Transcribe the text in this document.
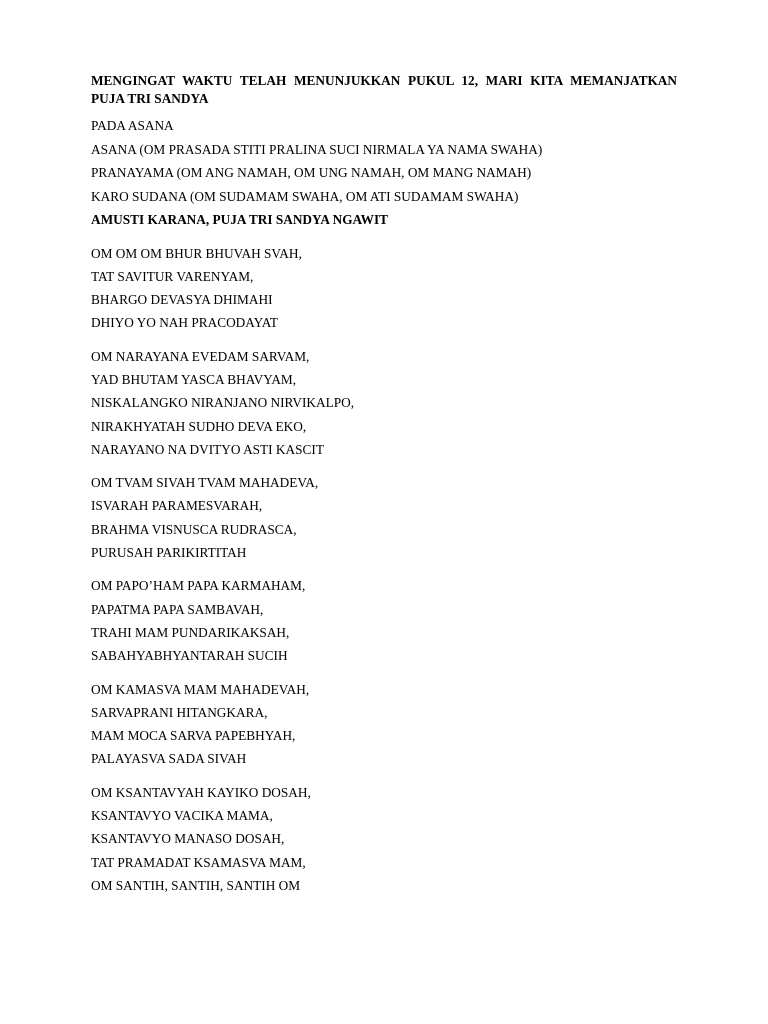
MENGINGAT WAKTU TELAH MENUNJUKKAN PUKUL 12, MARI KITA MEMANJATKAN PUJA TRI SANDYA

PADA ASANA

ASANA (OM PRASADA STITI PRALINA SUCI NIRMALA YA NAMA SWAHA)

PRANAYAMA (OM ANG NAMAH, OM UNG NAMAH, OM MANG NAMAH)

KARO SUDANA (OM SUDAMAM SWAHA, OM ATI SUDAMAM SWAHA)

AMUSTI KARANA, PUJA TRI SANDYA NGAWIT

OM OM OM BHUR BHUVAH SVAH,

TAT SAVITUR VARENYAM,

BHARGO DEVASYA DHIMAHI

DHIYO YO NAH PRACODAYAT

OM NARAYANA EVEDAM SARVAM,

YAD BHUTAM YASCA BHAVYAM,

NISKALANGKO NIRANJANO NIRVIKALPO,

NIRAKHYATAH SUDHO DEVA EKO,

NARAYANO NA DVITYO ASTI KASCIT

OM TVAM SIVAH TVAM MAHADEVA,

ISVARAH PARAMESVARAH,

BRAHMA VISNUSCA RUDRASCA,

PURUSAH PARIKIRTITAH

OM PAPO’HAM PAPA KARMAHAM,

PAPATMA PAPA SAMBAVAH,

TRAHI MAM PUNDARIKAKSAH,

SABAHYABHYANTARAH SUCIH

OM KAMASVA MAM MAHADEVAH,

SARVAPRANI HITANGKARA,

MAM MOCA SARVA PAPEBHYAH,

PALAYASVA SADA SIVAH

OM KSANTAVYAH KAYIKO DOSAH,

KSANTAVYO VACIKA MAMA,

KSANTAVYO MANASO DOSAH,

TAT PRAMADAT KSAMASVA MAM,

OM SANTIH, SANTIH, SANTIH OM
